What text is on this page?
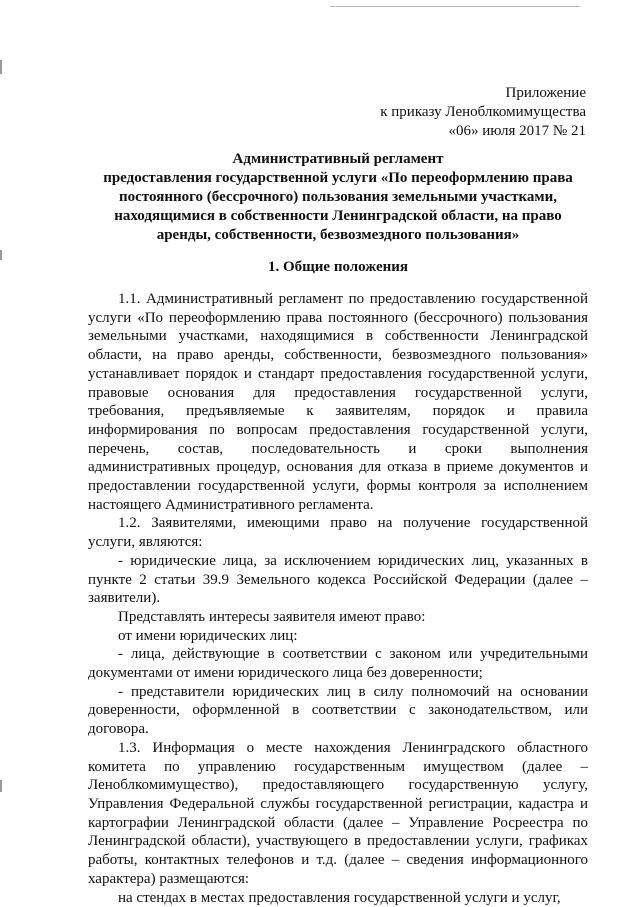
Приложение
к приказу Леноблкомимущества
«06» июля 2017 № 21
Административный регламент
предоставления государственной услуги «По переоформлению права
постоянного (бессрочного) пользования земельными участками,
находящимися в собственности Ленинградской области, на право
аренды, собственности, безвозмездного пользования»
1. Общие положения

1.1. Административный регламент по предоставлению государственной услуги «По переоформлению права постоянного (бессрочного) пользования земельными участками, находящимися в собственности Ленинградской области, на право аренды, собственности, безвозмездного пользования» устанавливает порядок и стандарт предоставления государственной услуги, правовые основания для предоставления государственной услуги, требования, предъявляемые к заявителям, порядок и правила информирования по вопросам предоставления государственной услуги, перечень, состав, последовательность и сроки выполнения административных процедур, основания для отказа в приеме документов и предоставлении государственной услуги, формы контроля за исполнением настоящего Административного регламента.

1.2. Заявителями, имеющими право на получение государственной услуги, являются:

- юридические лица, за исключением юридических лиц, указанных в пункте 2 статьи 39.9 Земельного кодекса Российской Федерации (далее – заявители).

Представлять интересы заявителя имеют право:

от имени юридических лиц:

- лица, действующие в соответствии с законом или учредительными документами от имени юридического лица без доверенности;

- представители юридических лиц в силу полномочий на основании доверенности, оформленной в соответствии с законодательством, или договора.

1.3. Информация о месте нахождения Ленинградского областного комитета по управлению государственным имуществом (далее – Леноблкомимущество), предоставляющего государственную услугу, Управления Федеральной службы государственной регистрации, кадастра и картографии Ленинградской области (далее – Управление Росреестра по Ленинградской области), участвующего в предоставлении услуги, графиках работы, контактных телефонов и т.д. (далее – сведения информационного характера) размещаются:

на стендах в местах предоставления государственной услуги и услуг,
